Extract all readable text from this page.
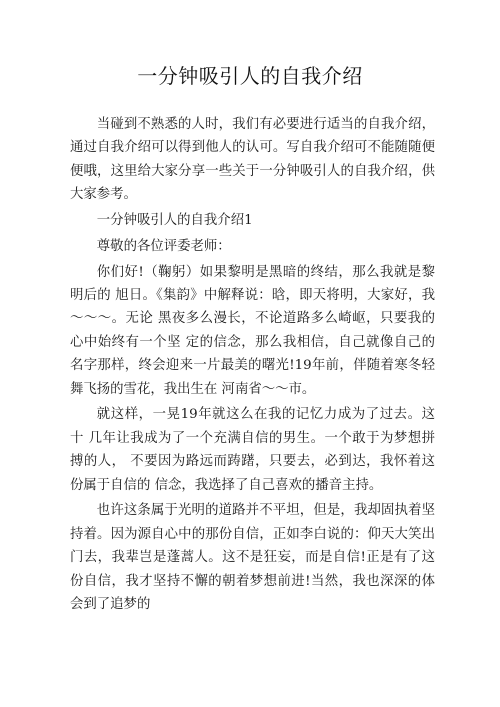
一分钟吸引人的自我介绍

当碰到不熟悉的人时，我们有必要进行适当的自我介绍，通过自我介绍可以得到他人的认可。写自我介绍可不能随随便便哦，这里给大家分享一些关于一分钟吸引人的自我介绍，供大家参考。

一分钟吸引人的自我介绍1

尊敬的各位评委老师：

你们好!（鞠躬）如果黎明是黑暗的终结，那么我就是黎明后的 旭日。《集韵》中解释说：晗，即天将明，大家好，我～～～。无论 黑夜多么漫长，不论道路多么崎岖，只要我的心中始终有一个坚 定的信念，那么我相信，自己就像自己的名字那样，终会迎来一片最美的曙光!19年前，伴随着寒冬轻舞飞扬的雪花，我出生在 河南省～～市。

就这样，一晃19年就这么在我的记忆力成为了过去。这十 几年让我成为了一个充满自信的男生。一个敢于为梦想拼搏的人， 不要因为路远而踌躇，只要去，必到达，我怀着这份属于自信的 信念，我选择了自己喜欢的播音主持。

也许这条属于光明的道路并不平坦，但是，我却固执着坚持着。因为源自心中的那份自信，正如李白说的：仰天大笑出门去，我辈岂是蓬蒿人。这不是狂妄，而是自信!正是有了这份自信，我才坚持不懈的朝着梦想前进!当然，我也深深的体会到了追梦的
